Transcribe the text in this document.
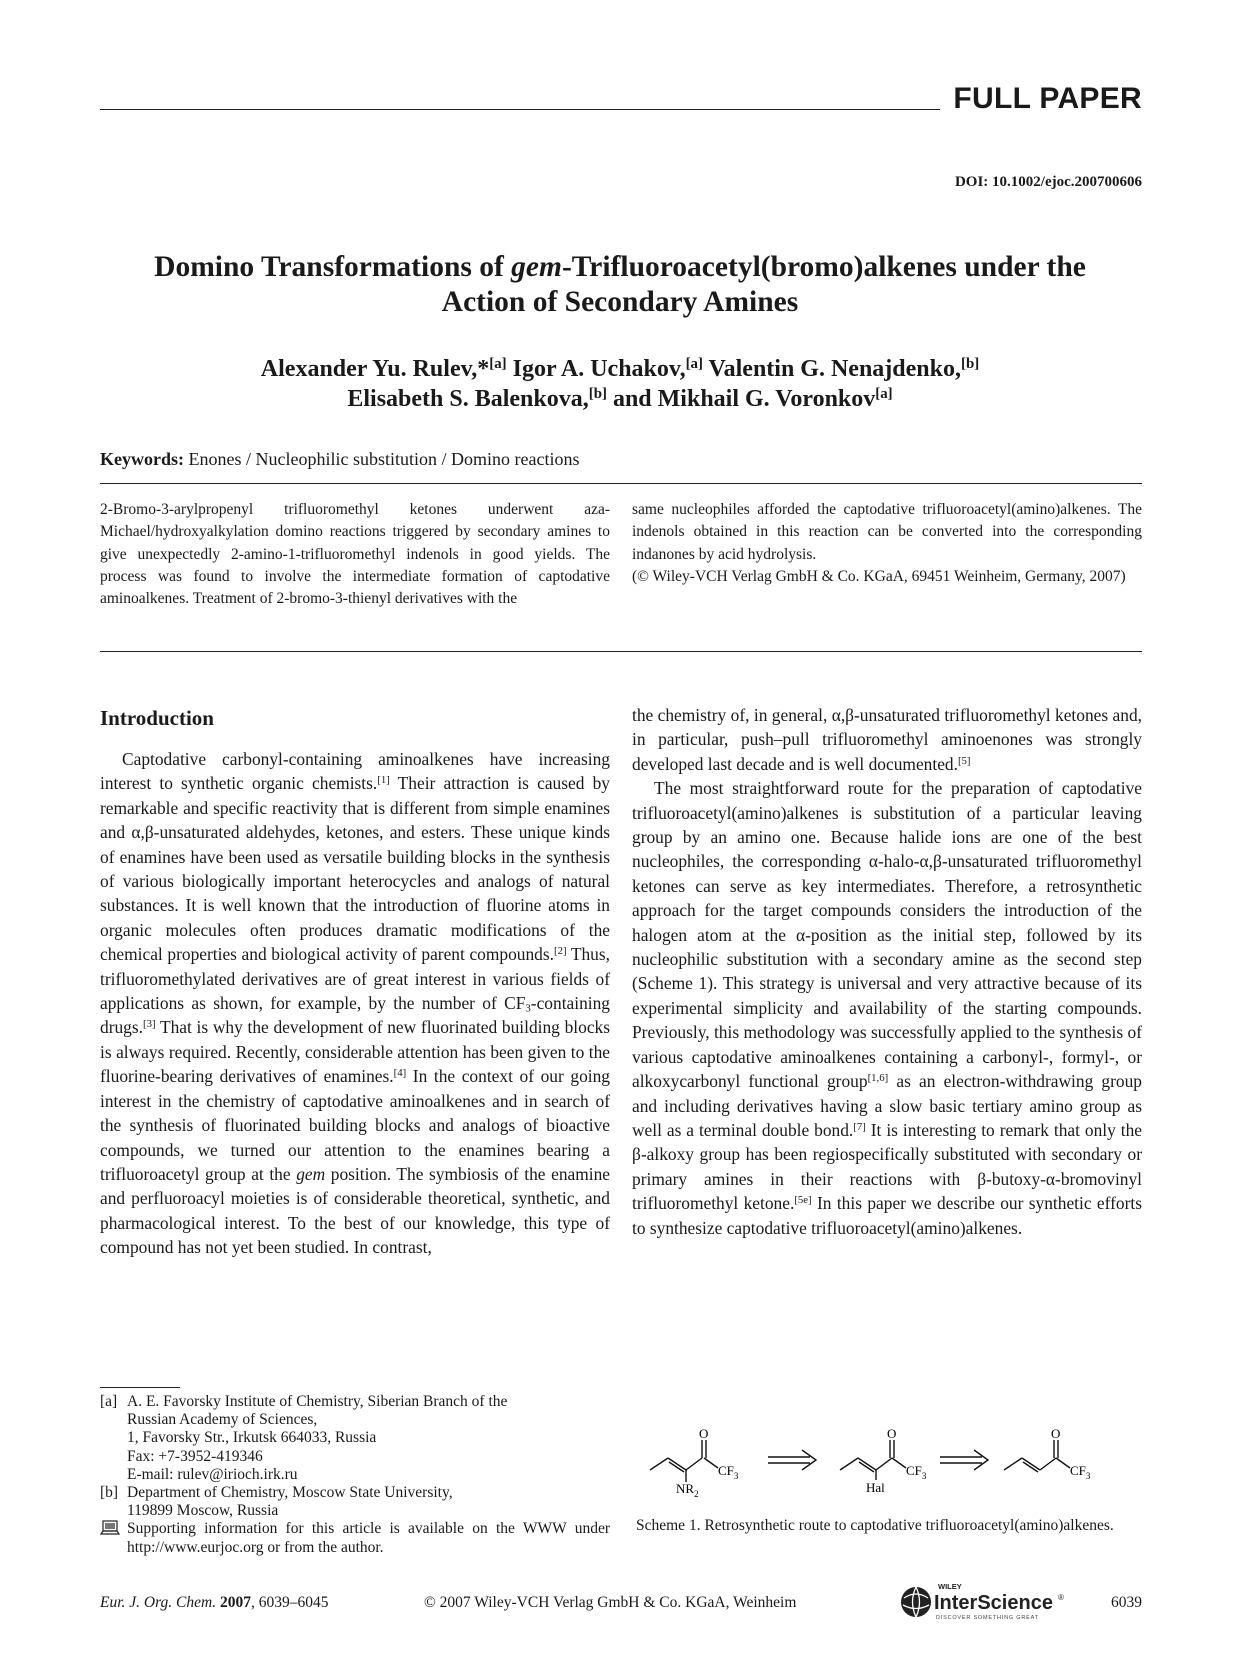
FULL PAPER
DOI: 10.1002/ejoc.200700606
Domino Transformations of gem-Trifluoroacetyl(bromo)alkenes under the
Action of Secondary Amines
Alexander Yu. Rulev,*[a] Igor A. Uchakov,[a] Valentin G. Nenajdenko,[b]
Elisabeth S. Balenkova,[b] and Mikhail G. Voronkov[a]
Keywords: Enones / Nucleophilic substitution / Domino reactions

2-Bromo-3-arylpropenyl trifluoromethyl ketones underwent aza-Michael/hydroxyalkylation domino reactions triggered by secondary amines to give unexpectedly 2-amino-1-trifluoromethyl indenols in good yields. The process was found to involve the intermediate formation of captodative aminoalkenes. Treatment of 2-bromo-3-thienyl derivatives with the

same nucleophiles afforded the captodative trifluoroacetyl(amino)alkenes. The indenols obtained in this reaction can be converted into the corresponding indanones by acid hydrolysis.

(© Wiley-VCH Verlag GmbH & Co. KGaA, 69451 Weinheim, Germany, 2007)

Introduction

Captodative carbonyl-containing aminoalkenes have increasing interest to synthetic organic chemists.[1] Their attraction is caused by remarkable and specific reactivity that is different from simple enamines and α,β-unsaturated aldehydes, ketones, and esters. These unique kinds of enamines have been used as versatile building blocks in the synthesis of various biologically important heterocycles and analogs of natural substances. It is well known that the introduction of fluorine atoms in organic molecules often produces dramatic modifications of the chemical properties and biological activity of parent compounds.[2] Thus, trifluoromethylated derivatives are of great interest in various fields of applications as shown, for example, by the number of $CF_3$-containing drugs.[3] That is why the development of new fluorinated building blocks is always required. Recently, considerable attention has been given to the fluorine-bearing derivatives of enamines.[4] In the context of our going interest in the chemistry of captodative aminoalkenes and in search of the synthesis of fluorinated building blocks and analogs of bioactive compounds, we turned our attention to the enamines bearing a trifluoroacetyl group at the gem position. The symbiosis of the enamine and perfluoroacyl moieties is of considerable theoretical, synthetic, and pharmacological interest. To the best of our knowledge, this type of compound has not yet been studied. In contrast,

the chemistry of, in general, α,β-unsaturated trifluoromethyl ketones and, in particular, push–pull trifluoromethyl aminoenones was strongly developed last decade and is well documented.[5]

The most straightforward route for the preparation of captodative trifluoroacetyl(amino)alkenes is substitution of a particular leaving group by an amino one. Because halide ions are one of the best nucleophiles, the corresponding α-halo-α,β-unsaturated trifluoromethyl ketones can serve as key intermediates. Therefore, a retrosynthetic approach for the target compounds considers the introduction of the halogen atom at the α-position as the initial step, followed by its nucleophilic substitution with a secondary amine as the second step (Scheme 1). This strategy is universal and very attractive because of its experimental simplicity and availability of the starting compounds. Previously, this methodology was successfully applied to the synthesis of various captodative aminoalkenes containing a carbonyl-, formyl-, or alkoxycarbonyl functional group[1,6] as an electron-withdrawing group and including derivatives having a slow basic tertiary amino group as well as a terminal double bond.[7] It is interesting to remark that only the β-alkoxy group has been regiospecifically substituted with secondary or primary amines in their reactions with β-butoxy-α-bromovinyl trifluoromethyl ketone.[5e] In this paper we describe our synthetic efforts to synthesize captodative trifluoroacetyl(amino)alkenes.

[a] A. E. Favorsky Institute of Chemistry, Siberian Branch of the
Russian Academy of Sciences,
1, Favorsky Str., Irkutsk 664033, Russia
Fax: +7-3952-419346
E-mail: rulev@irioch.irk.ru
[b] Department of Chemistry, Moscow State University,
119899 Moscow, Russia
Supporting information for this article is available on the WWW under http://www.eurjoc.org or from the author.
O
$CF_3$
$NR_2$
O
$CF_3$
Hal
O
$CF_3$
Scheme 1. Retrosynthetic route to captodative trifluoroacetyl(amino)alkenes.
Eur. J. Org. Chem. 2007, 6039–6045	© 2007 Wiley-VCH Verlag GmbH & Co. KGaA, Weinheim
WILEY
InterScience ®
DISCOVER SOMETHING GREAT
6039
